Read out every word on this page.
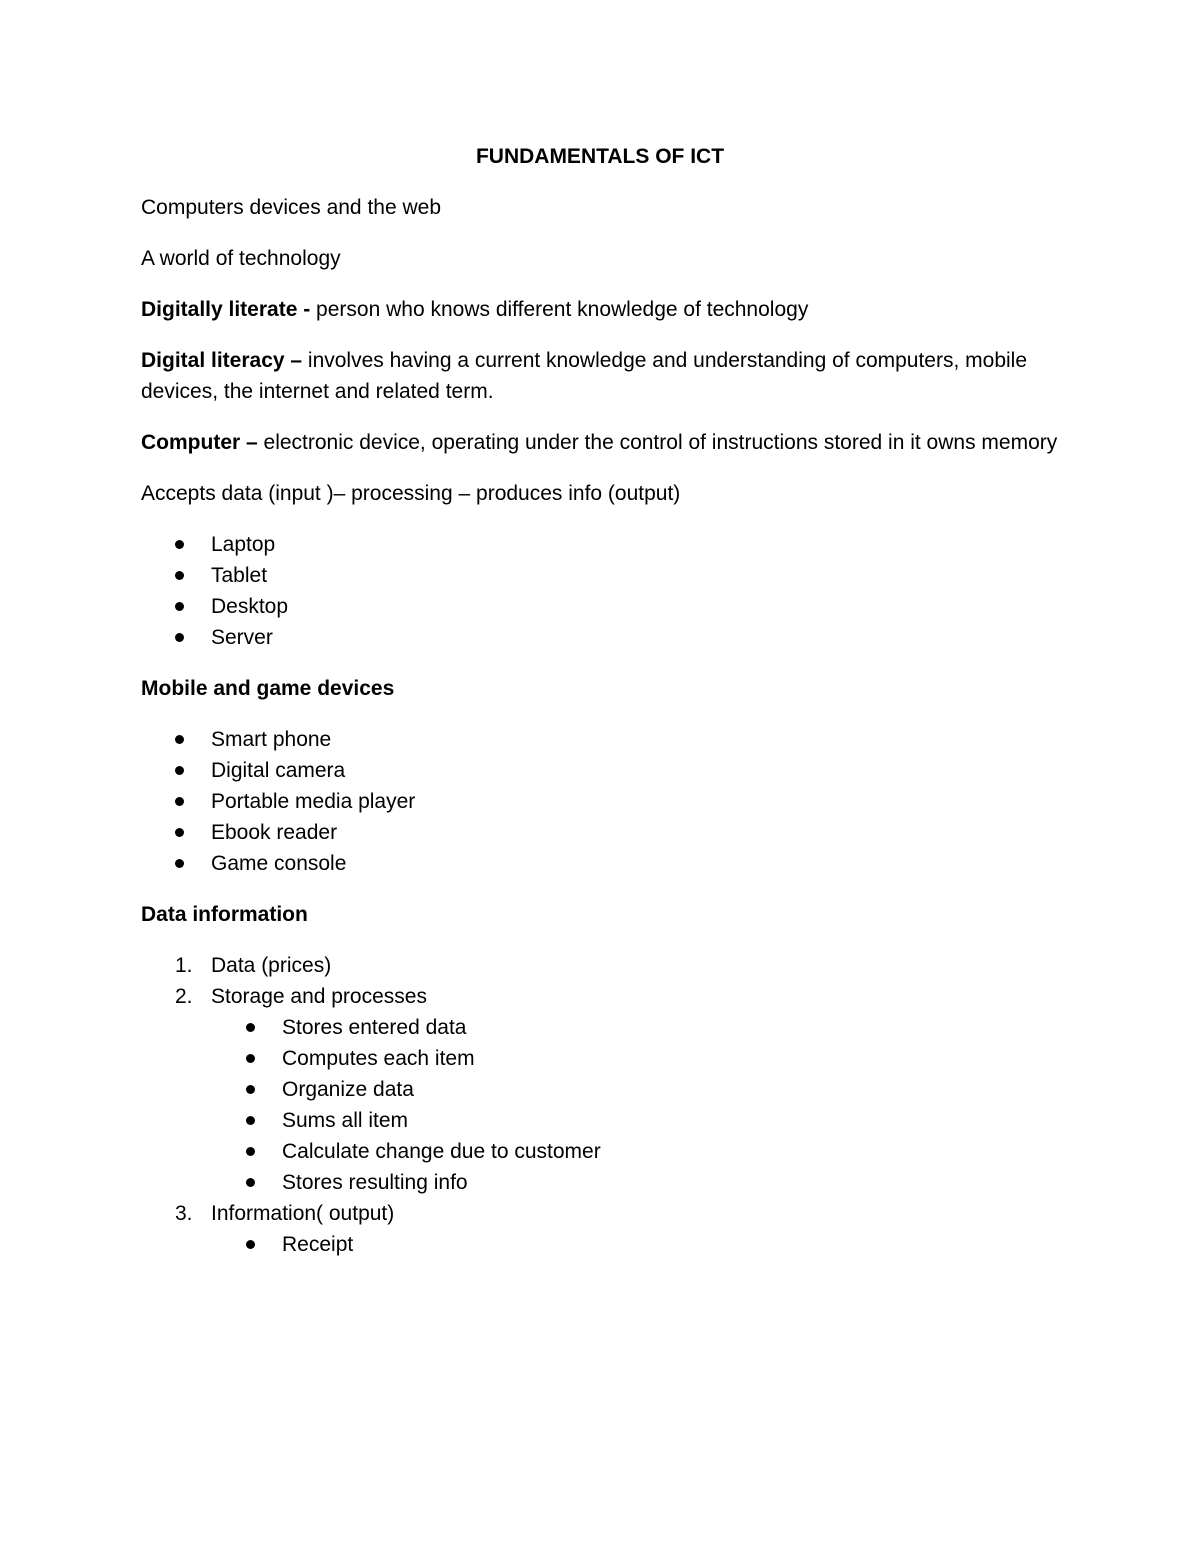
FUNDAMENTALS OF ICT

Computers devices and the web

A world of technology

Digitally literate - person who knows different knowledge of technology

Digital literacy – involves having a current knowledge and understanding of computers, mobile devices, the internet and related term.

Computer – electronic device, operating under the control of instructions stored in it owns memory

Accepts data (input )– processing – produces info (output)

Laptop
Tablet
Desktop
Server

Mobile and game devices

Smart phone
Digital camera
Portable media player
Ebook reader
Game console

Data information

1. Data (prices)
2. Storage and processes
Stores entered data
Computes each item
Organize data
Sums all item
Calculate change due to customer
Stores resulting info
3. Information( output)
Receipt
